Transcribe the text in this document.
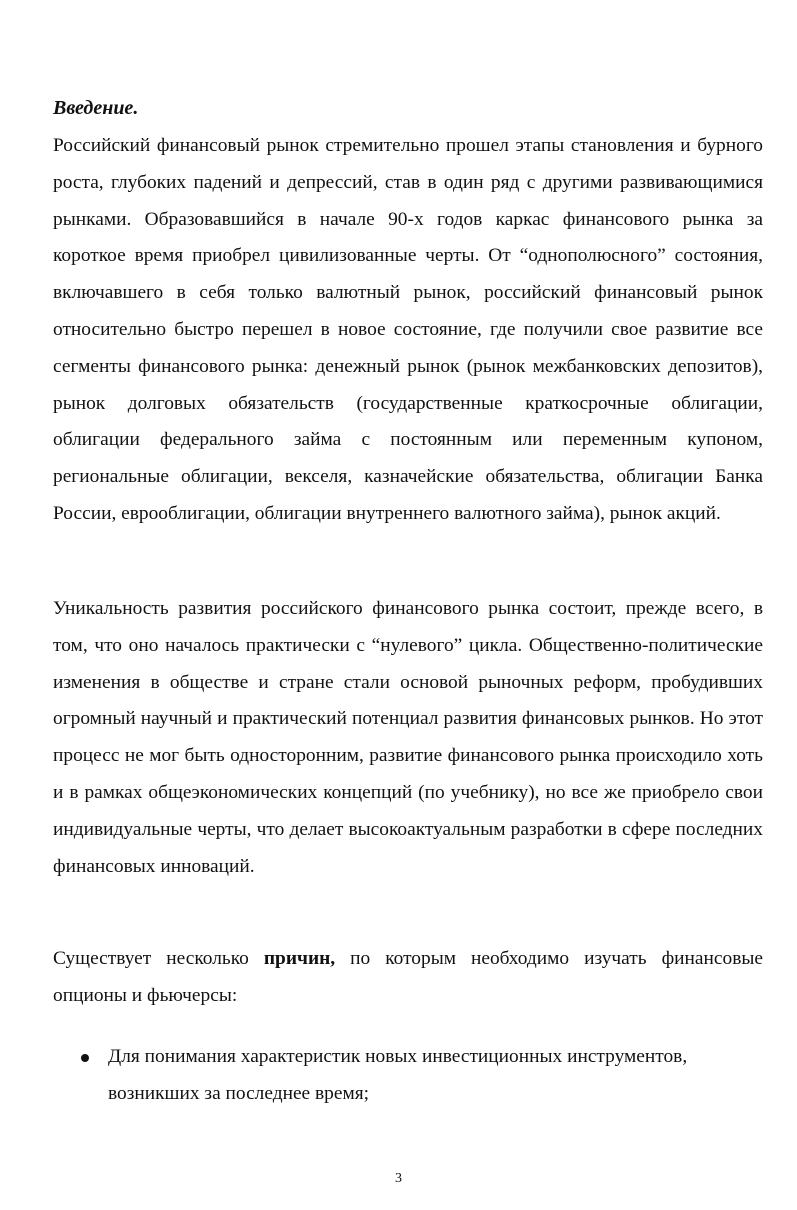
Введение.

Российский финансовый рынок стремительно прошел этапы становления и бурного роста, глубоких падений и депрессий, став в один ряд с другими развивающимися рынками. Образовавшийся в начале 90-х годов каркас финансового рынка за короткое время приобрел цивилизованные черты. От “однополюсного” состояния, включавшего в себя только валютный рынок, российский финансовый рынок относительно быстро перешел в новое состояние, где получили свое развитие все сегменты финансового рынка: денежный рынок (рынок межбанковских депозитов), рынок долговых обязательств (государственные краткосрочные облигации, облигации федерального займа с постоянным или переменным купоном, региональные облигации, векселя, казначейские обязательства, облигации Банка России, еврооблигации, облигации внутреннего валютного займа), рынок акций.

Уникальность развития российского финансового рынка состоит, прежде всего, в том, что оно началось практически с “нулевого” цикла. Общественно-политические изменения в обществе и стране стали основой рыночных реформ, пробудивших огромный научный и практический потенциал развития финансовых рынков. Но этот процесс не мог быть односторонним, развитие финансового рынка происходило хоть и в рамках общеэкономических концепций (по учебнику), но все же приобрело свои индивидуальные черты, что делает высокоактуальным разработки в сфере последних финансовых инноваций.

Существует несколько причин, по которым необходимо изучать финансовые опционы и фьючерсы:

Для понимания характеристик новых инвестиционных инструментов, возникших за последнее время;
3
